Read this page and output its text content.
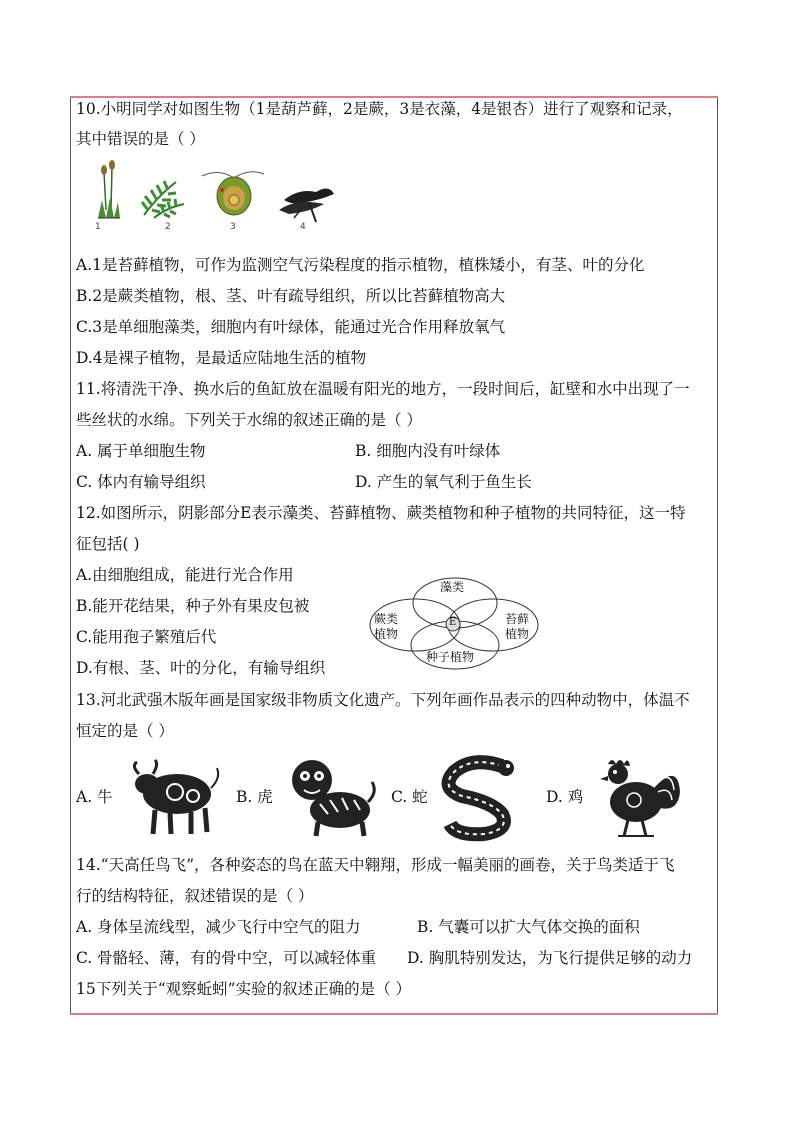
10.小明同学对如图生物（1是葫芦藓，2是蕨，3是衣藻，4是银杏）进行了观察和记录，
其中错误的是（ ）
1	2	3	4
A.1是苔藓植物，可作为监测空气污染程度的指示植物，植株矮小，有茎、叶的分化
B.2是蕨类植物，根、茎、叶有疏导组织，所以比苔藓植物高大
C.3是单细胞藻类，细胞内有叶绿体，能通过光合作用释放氧气
D.4是裸子植物，是最适应陆地生活的植物
11.将清洗干净、换水后的鱼缸放在温暖有阳光的地方，一段时间后，缸壁和水中出现了一
些丝状的水绵。下列关于水绵的叙述正确的是（ ）
A. 属于单细胞生物	B. 细胞内没有叶绿体
C. 体内有输导组织	D. 产生的氧气利于鱼生长
12.如图所示，阴影部分E表示藻类、苔藓植物、蕨类植物和种子植物的共同特征，这一特
征包括( )
A.由细胞组成，能进行光合作用
B.能开花结果，种子外有果皮包被
C.能用孢子繁殖后代
D.有根、茎、叶的分化，有输导组织
藻类
蕨类
植物
苔藓
植物
种子植物
E
13.河北武强木版年画是国家级非物质文化遗产。下列年画作品表示的四种动物中，体温不
恒定的是（ ）
A. 牛	B. 虎	C. 蛇	D. 鸡
14.“天高任鸟飞”，各种姿态的鸟在蓝天中翱翔，形成一幅美丽的画卷，关于鸟类适于飞
行的结构特征，叙述错误的是（ ）
A. 身体呈流线型，减少飞行中空气的阻力	B. 气囊可以扩大气体交换的面积
C. 骨骼轻、薄，有的骨中空，可以减轻体重 D. 胸肌特别发达，为飞行提供足够的动力
15下列关于“观察蚯蚓”实验的叙述正确的是（ ）
